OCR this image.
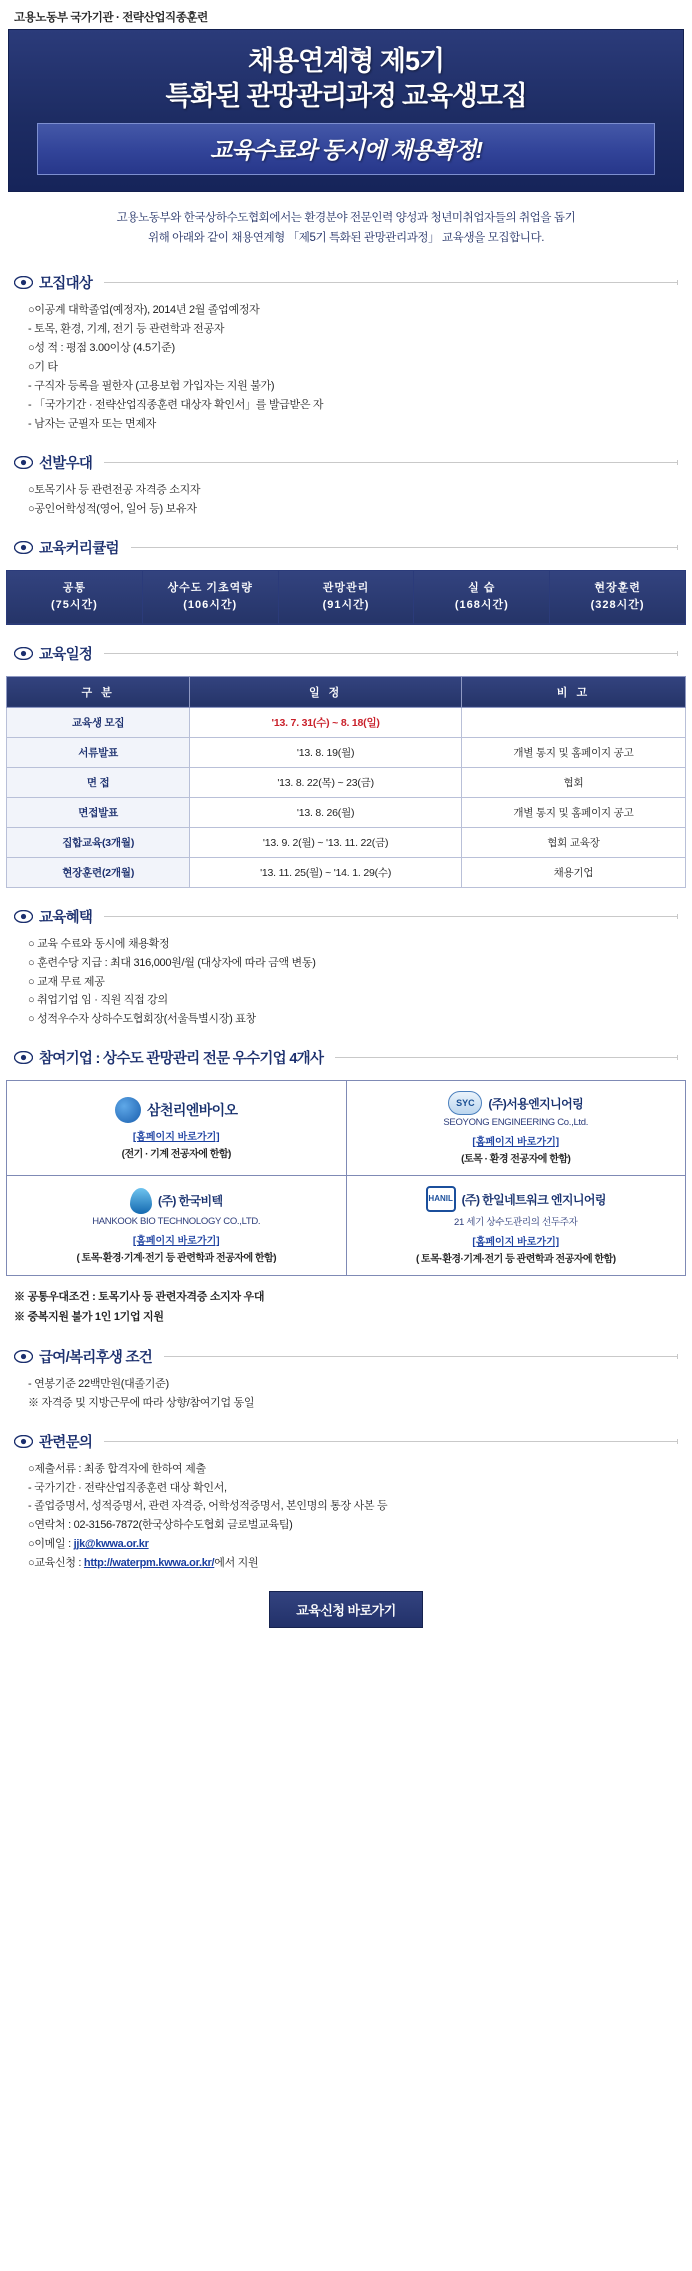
고용노동부 국가기관 · 전략산업직종훈련
채용연계형 제5기
특화된 관망관리과정 교육생모집
교육수료와 동시에 채용확정!
고용노동부와 한국상하수도협회에서는 환경분야 전문인력 양성과 청년미취업자들의 취업을 돕기
위해 아래와 같이 채용연계형 「제5기 특화된 관망관리과정」 교육생을 모집합니다.
모집대상
○이공계 대학졸업(예정자), 2014년 2월 졸업예정자
- 토목, 환경, 기계, 전기 등 관련학과 전공자
○성 적 : 평점 3.00이상 (4.5기준)
○기 타
- 구직자 등록을 필한자 (고용보험 가입자는 지원 불가)
- 「국가기간 · 전략산업직종훈련 대상자 확인서」를 발급받은 자
- 남자는 군필자 또는 면제자
선발우대
○토목기사 등 관련전공 자격증 소지자
○공인어학성적(영어, 일어 등) 보유자
교육커리큘럼
공통
(75시간)

상수도 기초역량
(106시간)

관망관리
(91시간)

실 습
(168시간)

현장훈련
(328시간)
교육일정
구 분	일 정	비 고
교육생 모집	'13. 7. 31(수) ~ 8. 18(일)	
서류발표	'13. 8. 19(월)	개별 통지 및 홈페이지 공고
면 접	'13. 8. 22(목) ~ 23(금)	협회
면접발표	'13. 8. 26(월)	개별 통지 및 홈페이지 공고
집합교육(3개월)	'13. 9. 2(월) ~ '13. 11. 22(금)	협회 교육장
현장훈련(2개월)	'13. 11. 25(월) ~ '14. 1. 29(수)	채용기업
교육혜택
○ 교육 수료와 동시에 채용확정
○ 훈련수당 지급 : 최대 316,000원/월 (대상자에 따라 금액 변동)
○ 교재 무료 제공
○ 취업기업 임 · 직원 직접 강의
○ 성적우수자 상하수도협회장(서울특별시장) 표창
참여기업 : 상수도 관망관리 전문 우수기업 4개사
삼천리엔바이오
[홈페이지 바로가기]
(전기 · 기계 전공자에 한함)

SYC	(주)서용엔지니어링
SEOYONG ENGINEERING Co.,Ltd.
[홈페이지 바로가기]
(토목 · 환경 전공자에 한함)

(주) 한국비텍
HANKOOK BIO TECHNOLOGY CO.,LTD.
[홈페이지 바로가기]
( 토목·환경·기계·전기 등 관련학과 전공자에 한함)

HANIL (주) 한일네트워크 엔지니어링
21 세기 상수도관리의 선두주자
[홈페이지 바로가기]
( 토목·환경·기계·전기 등 관련학과 전공자에 한함)
※ 공통우대조건 : 토목기사 등 관련자격증 소지자 우대
※ 중복지원 불가 1인 1기업 지원
급여/복리후생 조건
- 연봉기준 22백만원(대졸기준)
※ 자격증 및 지방근무에 따라 상향/참여기업 동일
관련문의
○제출서류 : 최종 합격자에 한하여 제출
- 국가기간 · 전략산업직종훈련 대상 확인서,
- 졸업증명서, 성적증명서, 관련 자격증, 어학성적증명서, 본인명의 통장 사본 등
○연락처 : 02-3156-7872(한국상하수도협회 글로벌교육팀)
○이메일 : jjk@kwwa.or.kr
○교육신청 : http://waterpm.kwwa.or.kr/에서 지원
교육신청 바로가기
